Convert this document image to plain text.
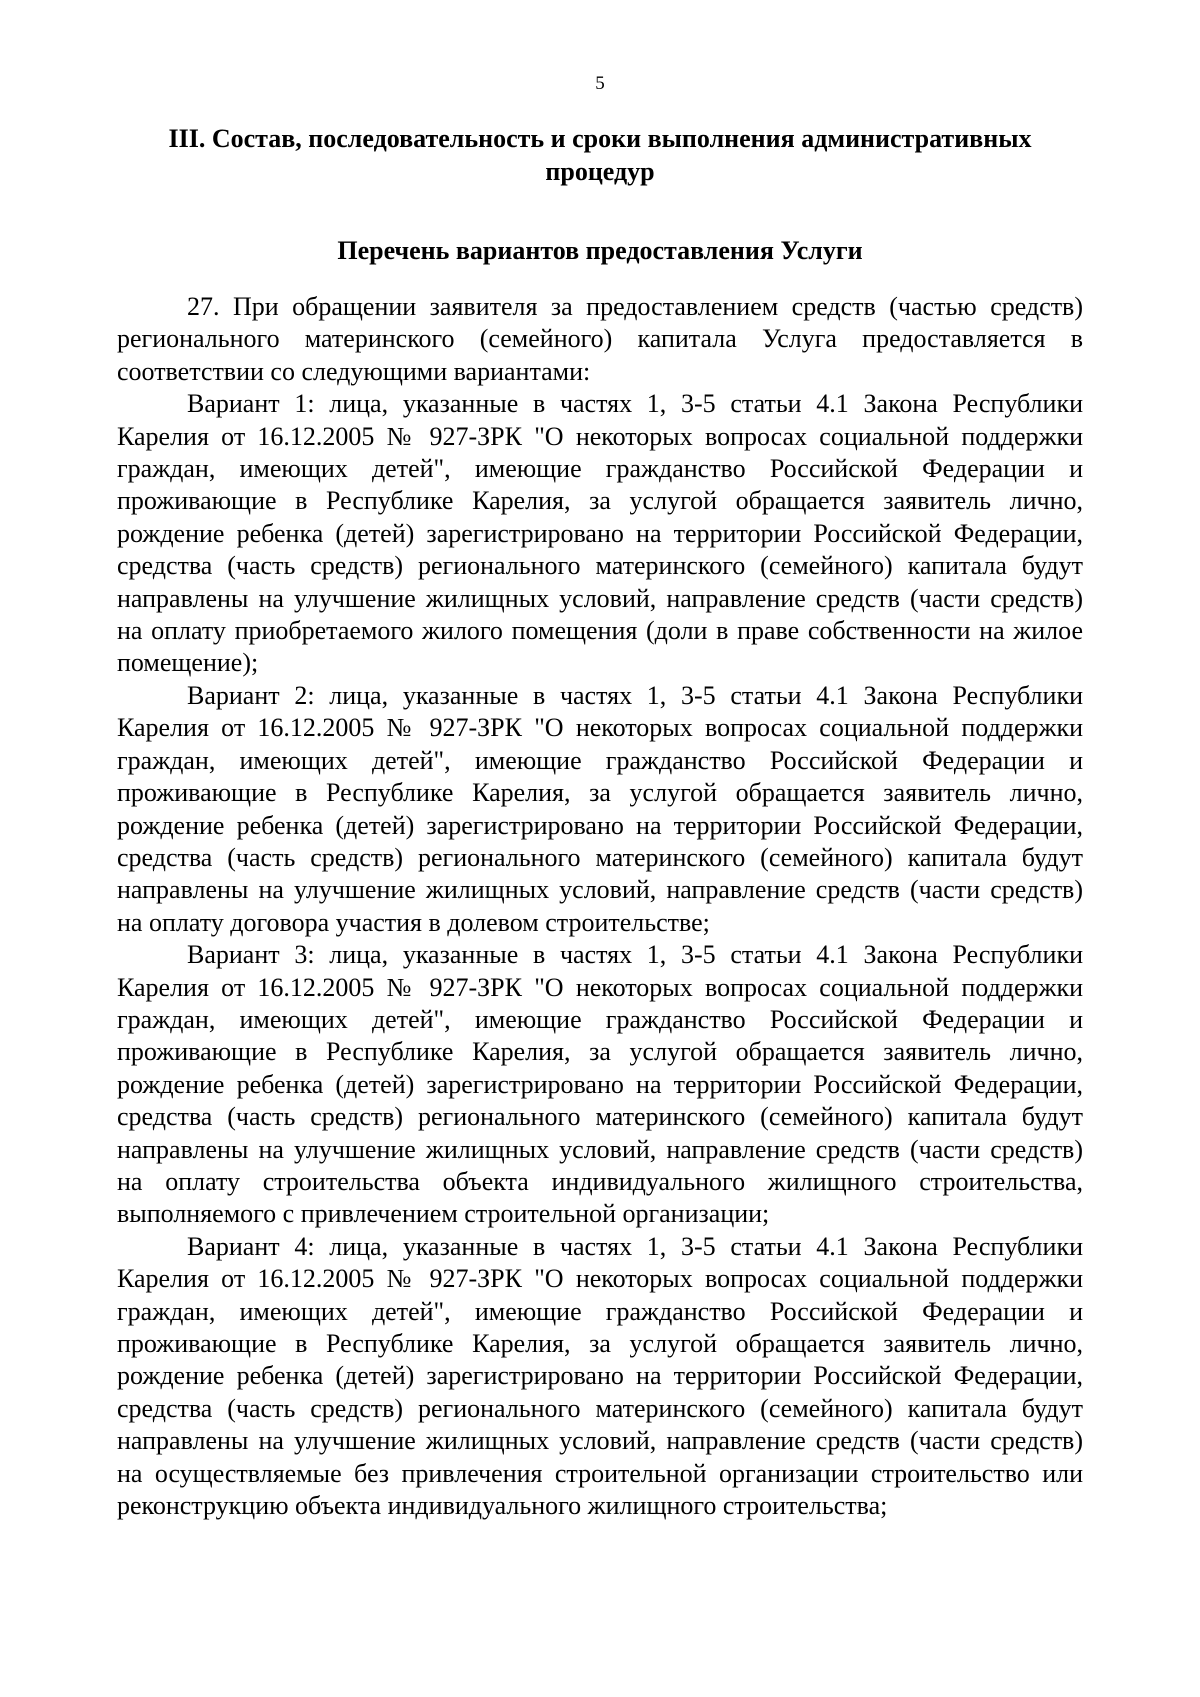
5
III. Состав, последовательность и сроки выполнения административных процедур
Перечень вариантов предоставления Услуги

27. При обращении заявителя за предоставлением средств (частью средств) регионального материнского (семейного) капитала Услуга предоставляется в соответствии со следующими вариантами:

Вариант 1: лица, указанные в частях 1, 3-5 статьи 4.1 Закона Республики Карелия от 16.12.2005 № 927-ЗРК "О некоторых вопросах социальной поддержки граждан, имеющих детей", имеющие гражданство Российской Федерации и проживающие в Республике Карелия, за услугой обращается заявитель лично, рождение ребенка (детей) зарегистрировано на территории Российской Федерации, средства (часть средств) регионального материнского (семейного) капитала будут направлены на улучшение жилищных условий, направление средств (части средств) на оплату приобретаемого жилого помещения (доли в праве собственности на жилое помещение);

Вариант 2: лица, указанные в частях 1, 3-5 статьи 4.1 Закона Республики Карелия от 16.12.2005 № 927-ЗРК "О некоторых вопросах социальной поддержки граждан, имеющих детей", имеющие гражданство Российской Федерации и проживающие в Республике Карелия, за услугой обращается заявитель лично, рождение ребенка (детей) зарегистрировано на территории Российской Федерации, средства (часть средств) регионального материнского (семейного) капитала будут направлены на улучшение жилищных условий, направление средств (части средств) на оплату договора участия в долевом строительстве;

Вариант 3: лица, указанные в частях 1, 3-5 статьи 4.1 Закона Республики Карелия от 16.12.2005 № 927-ЗРК "О некоторых вопросах социальной поддержки граждан, имеющих детей", имеющие гражданство Российской Федерации и проживающие в Республике Карелия, за услугой обращается заявитель лично, рождение ребенка (детей) зарегистрировано на территории Российской Федерации, средства (часть средств) регионального материнского (семейного) капитала будут направлены на улучшение жилищных условий, направление средств (части средств) на оплату строительства объекта индивидуального жилищного строительства, выполняемого с привлечением строительной организации;

Вариант 4: лица, указанные в частях 1, 3-5 статьи 4.1 Закона Республики Карелия от 16.12.2005 № 927-ЗРК "О некоторых вопросах социальной поддержки граждан, имеющих детей", имеющие гражданство Российской Федерации и проживающие в Республике Карелия, за услугой обращается заявитель лично, рождение ребенка (детей) зарегистрировано на территории Российской Федерации, средства (часть средств) регионального материнского (семейного) капитала будут направлены на улучшение жилищных условий, направление средств (части средств) на осуществляемые без привлечения строительной организации строительство или реконструкцию объекта индивидуального жилищного строительства;
